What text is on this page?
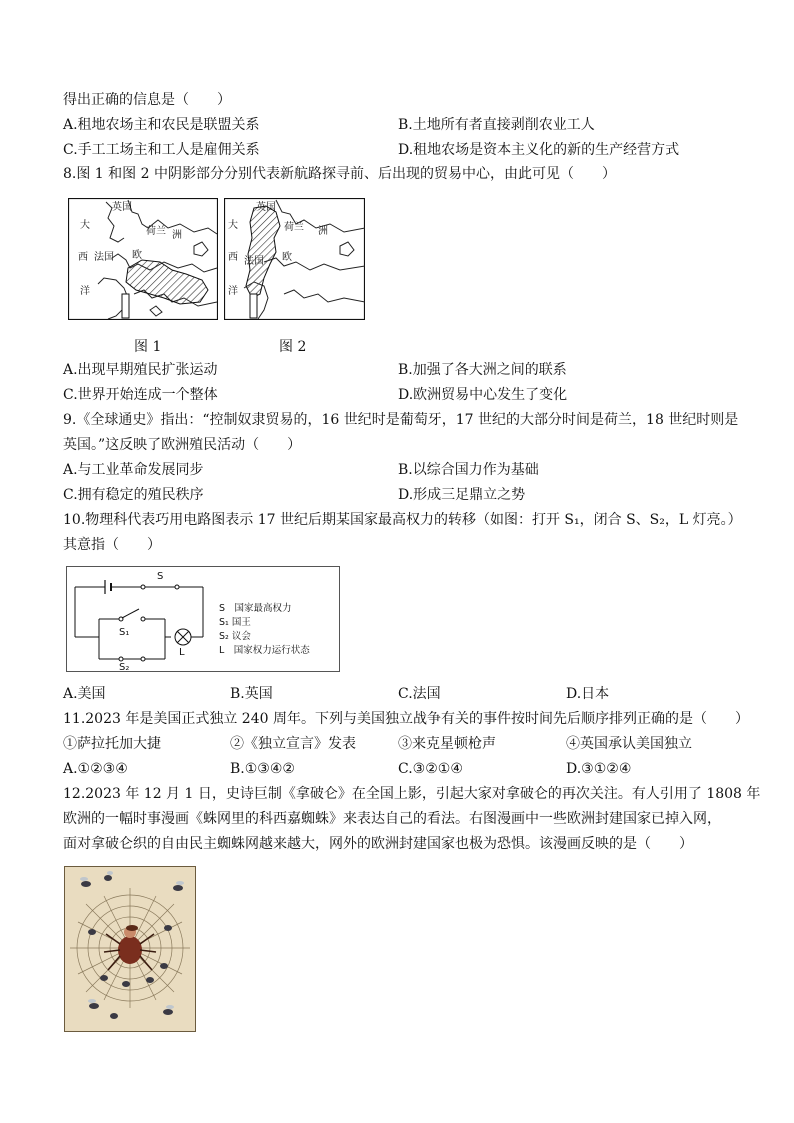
得出正确的信息是（　　）
A.租地农场主和农民是联盟关系	B.土地所有者直接剥削农业工人
C.手工工场主和工人是雇佣关系	D.租地农场是资本主义化的新的生产经营方式
8.图 1 和图 2 中阴影部分分别代表新航路探寻前、后出现的贸易中心，由此可见（　　）
英国
大
荷兰
西
洋
法国 欧
洲
英国
大	荷兰
西
洋
法国 欧
洲
图 1	图 2
A.出现早期殖民扩张运动	B.加强了各大洲之间的联系
C.世界开始连成一个整体	D.欧洲贸易中心发生了变化
9.《全球通史》指出：“控制奴隶贸易的，16 世纪时是葡萄牙，17 世纪的大部分时间是荷兰，18 世纪时则是
英国。”这反映了欧洲殖民活动（　　）
A.与工业革命发展同步	B.以综合国力作为基础
C.拥有稳定的殖民秩序	D.形成三足鼎立之势
10.物理科代表巧用电路图表示 17 世纪后期某国家最高权力的转移（如图：打开 S₁，闭合 S、S₂，L 灯亮。）
其意指（　　）
S
S₁
S₂
L
S　国家最高权力
S₁ 国王
S₂ 议会
L　国家权力运行状态
A.美国	B.英国	C.法国	D.日本
11.2023 年是美国正式独立 240 周年。下列与美国独立战争有关的事件按时间先后顺序排列正确的是（　　）
①萨拉托加大捷	②《独立宣言》发表	③来克星顿枪声	④英国承认美国独立
A.①②③④	B.①③④②	C.③②①④	D.③①②④
12.2023 年 12 月 1 日，史诗巨制《拿破仑》在全国上影，引起大家对拿破仑的再次关注。有人引用了 1808 年
欧洲的一幅时事漫画《蛛网里的科西嘉蜘蛛》来表达自己的看法。右图漫画中一些欧洲封建国家已掉入网，
面对拿破仑织的自由民主蜘蛛网越来越大，网外的欧洲封建国家也极为恐惧。该漫画反映的是（　　）
